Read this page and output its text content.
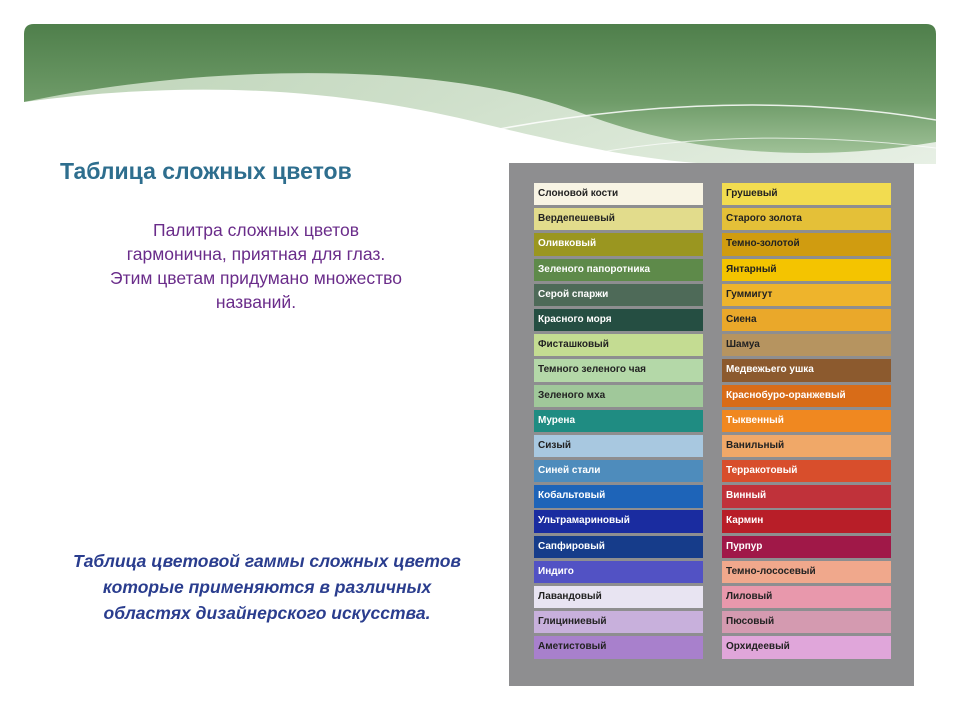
Таблица сложных цветов
Палитра сложных цветов
гармонична, приятная для глаз.
Этим цветам придумано множество
названий.
Таблица цветовой гаммы сложных цветов
которые применяются в различных
областях дизайнерского искусства.
Слоновой кости
Вердепешевый
Оливковый
Зеленого папоротника
Серой спаржи
Красного моря
Фисташковый
Темного зеленого чая
Зеленого мха
Мурена
Сизый
Синей стали
Кобальтовый
Ультрамариновый
Сапфировый
Индиго
Лавандовый
Глициниевый
Аметистовый
Грушевый
Старого золота
Темно-золотой
Янтарный
Гуммигут
Сиена
Шамуа
Медвежьего ушка
Краснобуро-оранжевый
Тыквенный
Ванильный
Терракотовый
Винный
Кармин
Пурпур
Темно-лососевый
Лиловый
Пюсовый
Орхидеевый
